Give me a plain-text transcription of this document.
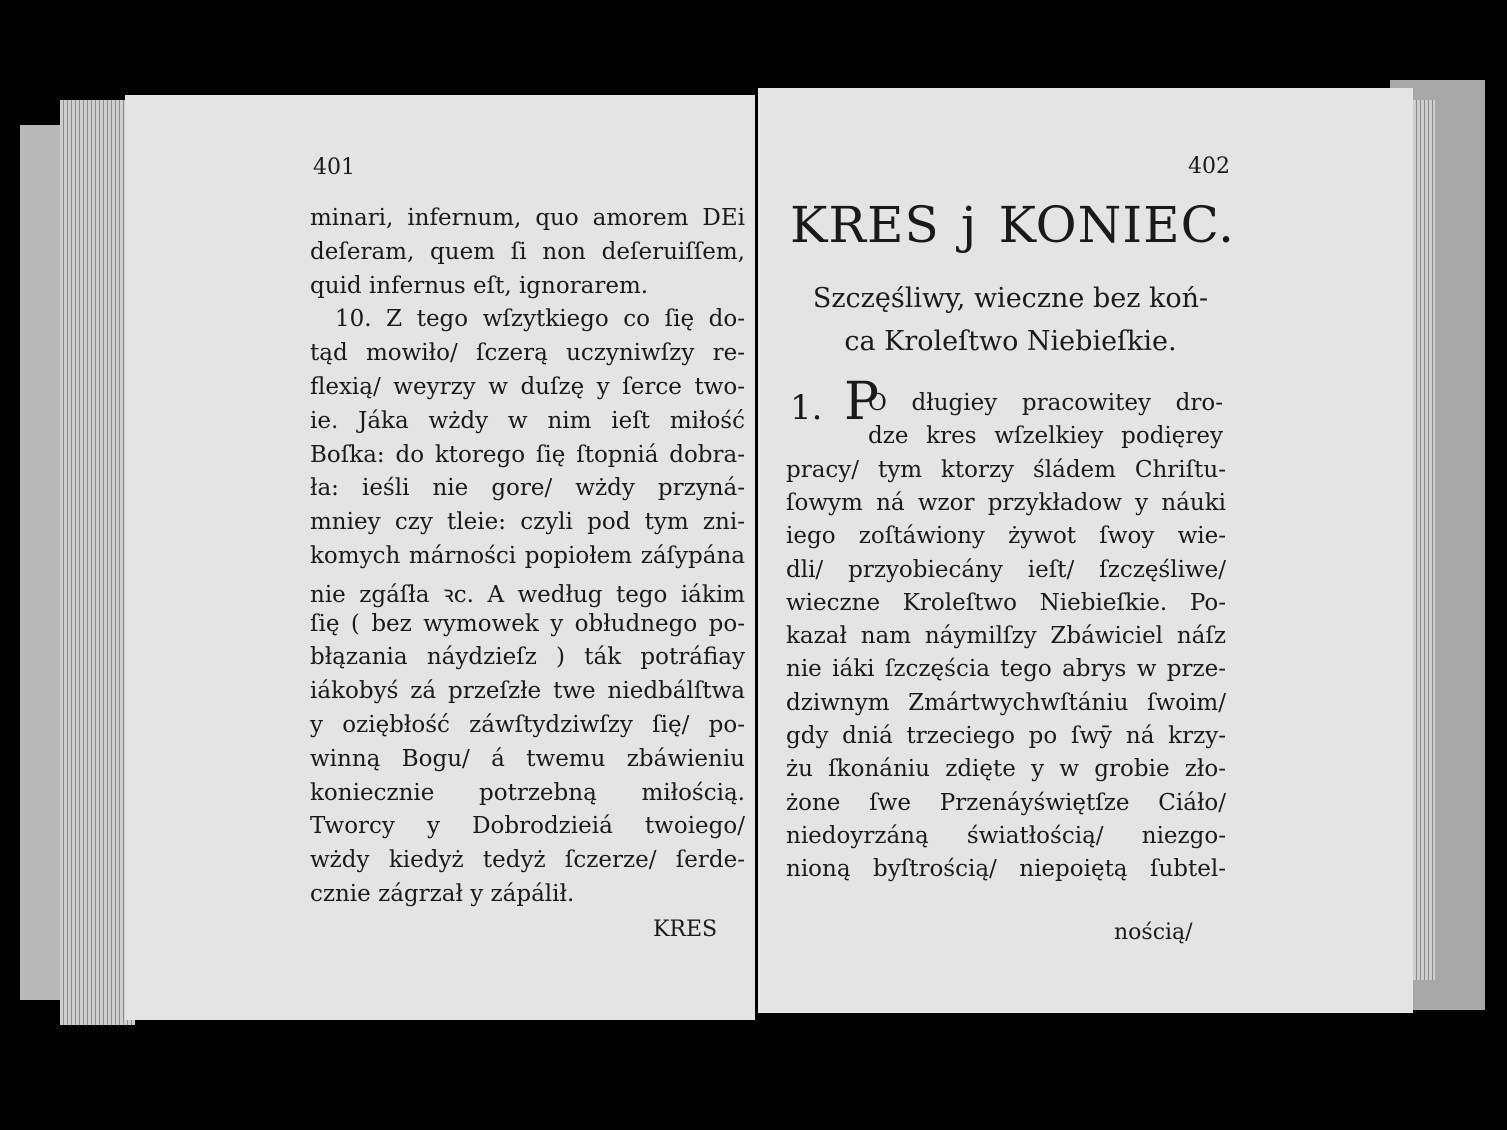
401
minari, infernum, quo amorem DEi
deſeram, quem ſi non deſeruiſſem,
quid infernus eſt, ignorarem.
10. Z tego wſzytkiego co ſię do-
tąd mowiło/ ſczerą uczyniwſzy re-
flexią/ weyrzy w duſzę y ſerce two-
ie. Jáka wżdy w nim ieſt miłość
Boſka: do ktorego ſię ſtopniá dobra-
ła: ieśli nie gore/ wżdy przyná-
mniey czy tleie: czyli pod tym zni-
komych márności popiołem záſypána
nie zgáſła ꝛc. A według tego iákim
ſię ( bez wymowek y obłudnego po-
błązania náydzieſz ) ták potráfiay
iákobyś zá przeſzłe twe niedbálſtwa
y oziębłość záwſtydziwſzy ſię/ po-
winną Bogu/ á twemu zbáwieniu
koniecznie potrzebną miłością.
Tworcy y Dobrodzieiá twoiego/
wżdy kiedyż tedyż ſczerze/ ſerde-
cznie zágrzał y zápálił.
KRES
402
KRES j KONIEC.
Szczęśliwy, wieczne bez koń-
ca Kroleſtwo Niebieſkie.
1. P
O długiey pracowitey dro-
dze kres wſzelkiey podięrey
pracy/ tym ktorzy śládem Chriſtu-
ſowym ná wzor przykładow y náuki
iego zoſtáwiony żywot ſwoy wie-
dli/ przyobiecány ieſt/ ſzczęśliwe/
wieczne Kroleſtwo Niebieſkie. Po-
kazał nam náymilſzy Zbáwiciel náſz
nie iáki ſzczęścia tego abrys w prze-
dziwnym Zmártwychwſtániu ſwoim/
gdy dniá trzeciego po ſwȳ ná krzy-
żu ſkonániu zdięte y w grobie zło-
żone ſwe Przenáyświętſze Ciáło/
niedoyrzáną światłością/ niezgo-
nioną byſtrością/ niepoiętą ſubtel-
nością/
